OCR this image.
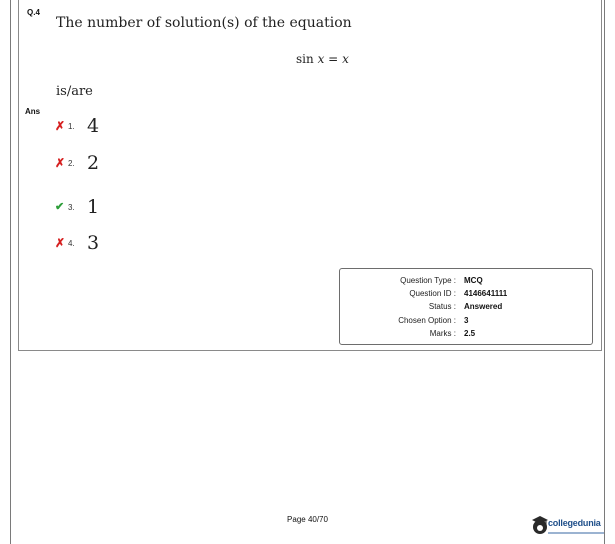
Q.4
The number of solution(s) of the equation
sin x = x
is/are
Ans
✗ 1. 4
✗ 2. 2
✔ 3. 1
✗ 4. 3
Question Type : MCQ
Question ID : 4146641111
Status : Answered
Chosen Option : 3
Marks : 2.5
Page 40/70	collegedunia
